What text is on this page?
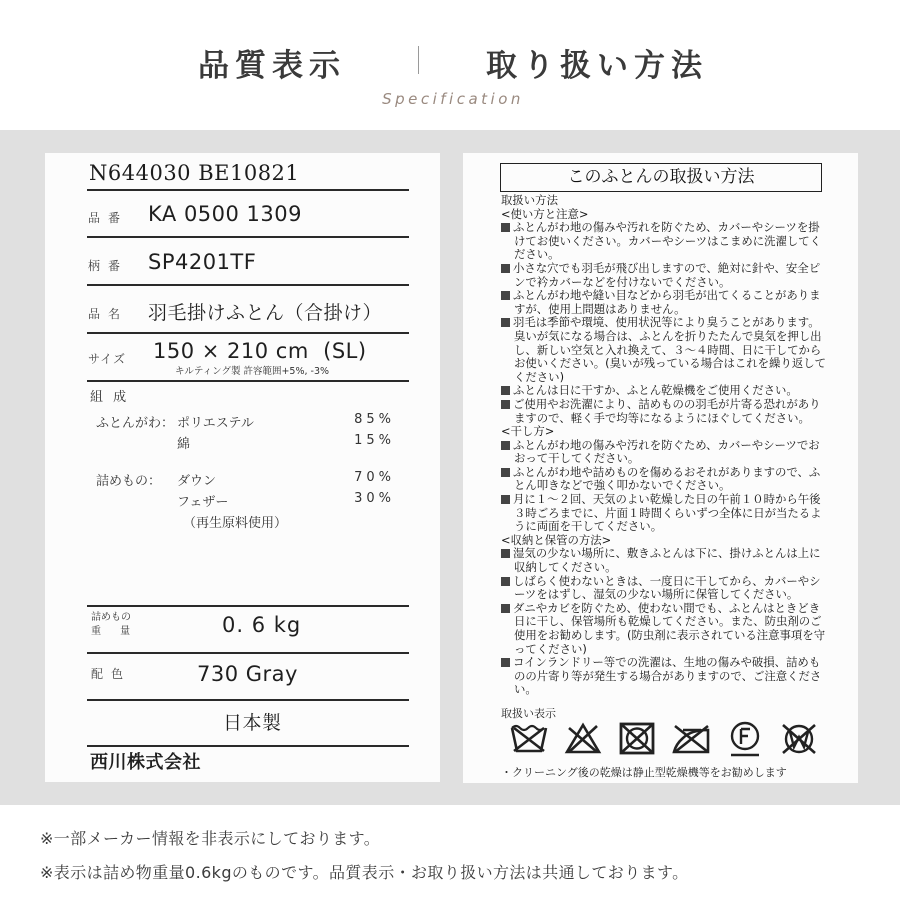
品質表示	取り扱い方法
Specification
N644030 BE10821
品番 KA 0500 1309
柄番 SP4201TF
品名 羽毛掛けふとん（合掛け）
サイズ 150 × 210 cm  (SL)
キルティング製 許容範囲+5%, -3%
組 成
ふとんがわ： ポリエステル	85%
綿	15%
詰めもの： ダウン	70%
フェザー	30%
（再生原料使用）
詰めもの
重 量	0. 6 kg
配色	730 Gray
日本製
西川株式会社
このふとんの取扱い方法
取扱い方法
<使い方と注意>
ふとんがわ地の傷みや汚れを防ぐため、カバーやシーツを掛けてお使いください。カバーやシーツはこまめに洗濯してください。
小さな穴でも羽毛が飛び出しますので、絶対に針や、安全ピンで衿カバーなどを付けないでください。
ふとんがわ地や縫い目などから羽毛が出てくることがありますが、使用上問題はありません。
羽毛は季節や環境、使用状況等により臭うことがあります。臭いが気になる場合は、ふとんを折りたたんで臭気を押し出し、新しい空気と入れ換えて、３～４時間、日に干してからお使いください。(臭いが残っている場合はこれを繰り返してください)
ふとんは日に干すか、ふとん乾燥機をご使用ください。
ご使用やお洗濯により、詰めものの羽毛が片寄る恐れがありますので、軽く手で均等になるようにほぐしてください。
<干し方>
ふとんがわ地の傷みや汚れを防ぐため、カバーやシーツでおおって干してください。
ふとんがわ地や詰めものを傷めるおそれがありますので、ふとん叩きなどで強く叩かないでください。
月に１～２回、天気のよい乾燥した日の午前１０時から午後３時ごろまでに、片面１時間くらいずつ全体に日が当たるように両面を干してください。
<収納と保管の方法>
湿気の少ない場所に、敷きふとんは下に、掛けふとんは上に収納してください。
しばらく使わないときは、一度日に干してから、カバーやシーツをはずし、湿気の少ない場所に保管してください。
ダニやカビを防ぐため、使わない間でも、ふとんはときどき日に干し、保管場所も乾燥してください。また、防虫剤のご使用をお勧めします。(防虫剤に表示されている注意事項を守ってください)
コインランドリー等での洗濯は、生地の傷みや破損、詰めものの片寄り等が発生する場合がありますので、ご注意ください。
取扱い表示
・クリーニング後の乾燥は静止型乾燥機等をお勧めします
※一部メーカー情報を非表示にしております。
※表示は詰め物重量0.6kgのものです。品質表示・お取り扱い方法は共通しております。
